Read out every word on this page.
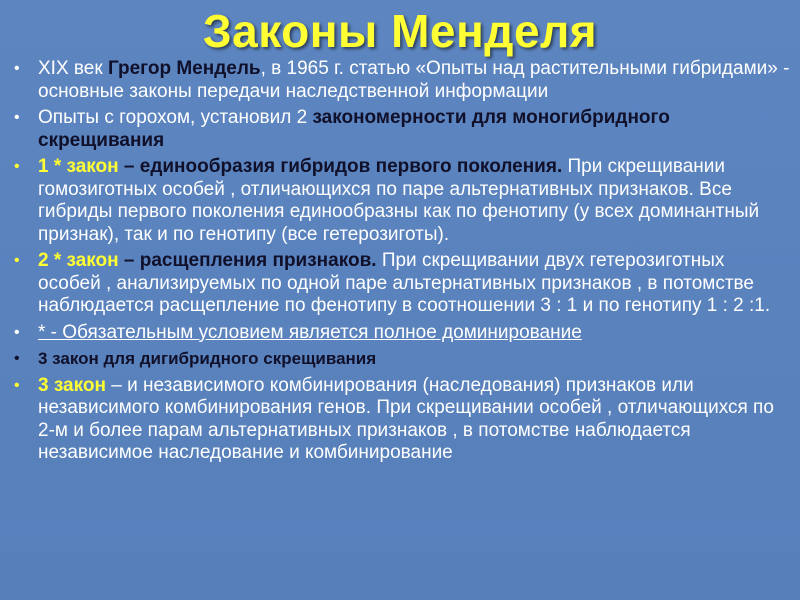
Законы Менделя
• XIX век Грегор Мендель, в 1965 г. статью «Опыты над растительными гибридами» - основные законы передачи наследственной информации
• Опыты с горохом, установил 2 закономерности для моногибридного скрещивания
• 1 * закон – единообразия гибридов первого поколения. При скрещивании гомозиготных особей , отличающихся по паре альтернативных признаков. Все гибриды первого поколения единообразны как по фенотипу (у всех доминантный признак), так и по генотипу (все гетерозиготы).
• 2 * закон – расщепления признаков. При скрещивании двух гетерозиготных особей , анализируемых по одной паре альтернативных признаков , в потомстве наблюдается расщепление по фенотипу в соотношении 3 : 1 и по генотипу 1 : 2 :1.
• * - Обязательным условием является полное доминирование
• 3 закон для дигибридного скрещивания
• 3 закон – и независимого комбинирования (наследования) признаков или независимого комбинирования генов. При скрещивании особей , отличающихся по 2-м и более парам альтернативных признаков , в потомстве наблюдается независимое наследование и комбинирование
